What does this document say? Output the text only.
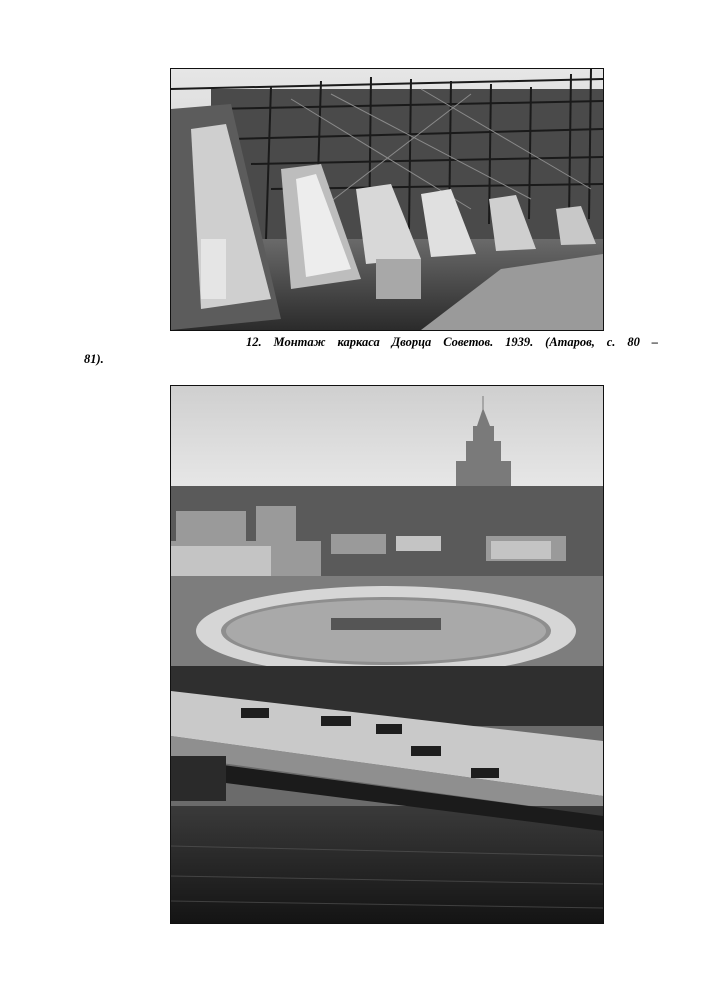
12. Монтаж каркаса Дворца Советов. 1939. (Атаров, с. 80 –

81).
